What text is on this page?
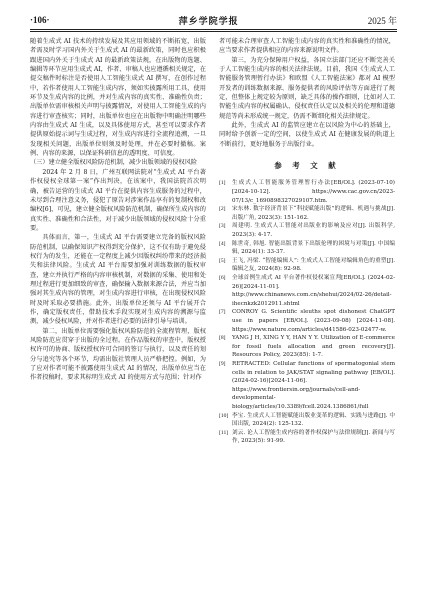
·106·	萍乡学院学报	2025 年

随着生成式 AI 技术的持续发展及其应用领域的不断拓宽，出版者需及时学习国内外关于生成式 AI 的最新政策，同时也应积极跟进国内外关于生成式 AI 的最新政策法规，在出版物的选题、编辑等环节应用生成式 AI，作者、审稿人也应遵循相关规定，在提交稿件时标注是否使用人工智能生成式 AI 撰写，在创作过程中，若作者使用人工智能生成内容，须如实披露所用工具、使用环节及生成内容的比例，并对生成内容的真实性、准确性负责；出版单位需审核相关声明与披露情况，对使用人工智能生成的内容进行审查核实；同时，出版单位也应在出版物中明确注明哪些内容由生成式 AI 生成，以及具体使用方式，甚至可以要求作者提供原始提示词与生成过程，对生成内容进行全流程追溯，一旦发现相关问题，出版单位则须及时处理，并在必要时撤稿。案例、内容的来源，以保证科研信息的透明度、可信度。

（三）建立健全版权风险防范机制，减少出版领域的侵权风险

2024 年 2 月 8 日，广州互联网法院对“生成式 AI 平台著作权侵权全球第一案”作出判决，在该案中，我国法院首次明确，被告运营的生成式 AI 平台在提供内容生成服务的过程中，未尽到合理注意义务，侵犯了原告对涉案作品享有的复制权和改编权[6]，可见，建立健全版权风险防范机制，确保所生成内容的真实性、准确性和合法性，对于减少出版领域的侵权风险十分重要。

具体而言，第一，生成式 AI 平台需要建立完备的版权风险防范机制，以确保知识产权得到充分保护，这不仅有助于避免侵权行为的发生，还能在一定程度上减少因版权纠纷带来的经济损失和法律风险。生成式 AI 平台需要加强对训练数据的版权审查，建立并执行严格的内容审核机制，对数据的采集、使用和处理过程进行更加细致的审查，确保输入数据来源合法，并应当加强对其生成内容的管理，对生成内容进行审核，在出现侵权风险时及时采取必要措施。此外，出版单位还须与 AI 平台展开合作，确定版权责任，借助技术手段实现对生成内容的溯源与监测，减少侵权风险，并对作者进行必要的法律引导与培训。

第二，出版单位需要强化版权风险防范的全流程管理，版权风险防范应贯穿于出版的全过程。在作品版权的审查中，版权授权许可的协商、版权授权许可合同的签订与执行，以及责任的划分与追究等各个环节，均需出版社管理人员严格把控。例如，为了应对作者可能不披露使用生成式 AI 的情况，出版单位应当在作者投稿时，要求其标明生成式 AI 的使用方式与范围；针对作

者可能未合理审查人工智能生成内容的真实性和准确性的情况，应当要求作者提供相应的内容来源说明文件。

第三，为充分保障用户权益，各国立法部门还应不断完善关于人工智能生成内容的相关法律法规。目前，我国《生成式人工智能服务管理暂行办法》和欧盟《人工智能法案》都对 AI 模型开发者的训练数据来源、服务提供者的风险评估等方面进行了规定，但整体上规定较为原则，缺乏具体的操作细则，比如对人工智能生成内容的权属确认、侵权责任认定以及相关的伦理和道德规范等尚未形成统一规定，仍需不断细化相关法律规定。

此外，生成式 AI 的监管应建立在以风险为中心的基础上，同时给予创新一定的空间，以使生成式 AI 在健康发展的轨道上不断前行，更好地服务于出版行业。

参 考 文 献
[1]	生成式人工智能服务管理暂行办法[EB/OL]. (2023-07-10) [2024-10-12]. https://www.cac.gov.cn/2023-07/13/c_1690898327029107.htm.
[2]	宋东林. 数字经济背景下“科技赋能出版”的逻辑、机遇与挑战[J]. 出版广角, 2023(3): 151-162.
[3]	周建明. 生成式人工智能对出版业的影响及应对[J]. 出版科学, 2023(3): 4-17.
[4]	陈世奇, 韩旭. 智能出版背景下出版伦理的困境与对策[J]. 中国编辑, 2024(1): 33-37.
[5]	王飞, 冯梁. “智能编辑人”: 生成式人工智能对编辑角色的重塑[J]. 编辑之友, 2024(8): 92-98.
[6]	全球首例生成式 AI 平台著作权侵权案宣判[EB/OL]. (2024-02-26)[2024-11-01]. http://www.chinanews.com.cn/shehui/2024/02-26/detail-ihecnkzk2012911.shtml
[7]	CONROY G. Scientific sleuths spot dishonest ChatGPT use in papers [EB/OL]. (2023-09-08) [2024-11-08]. https://www.nature.com/articles/d41586-023-02477-w.
[8]	YANG J H, XING Y Y, HAN Y Y. Utilization of E-commerce for fossil fuels allocation and green recovery[J]. Resources Policy, 2023(85): 1-7.
[9]	RETRACTED: Cellular functions of spermatogonial stem cells in relation to JAK/STAT signaling pathway [EB/OL]. (2024-02-16)[2024-11-06]. https://www.frontiersin.org/journals/cell-and-developmental-biology/articles/10.3389/fcell.2024.1386861/full
[10] 李宝. 生成式人工智能赋能出版业变革的逻辑、实践与进路[J]. 中国出版, 2024(2): 125-132.
[11] 刘云. 论人工智能生成内容的著作权保护与法律规制[J]. 新闻与写作, 2023(5): 91-99.
